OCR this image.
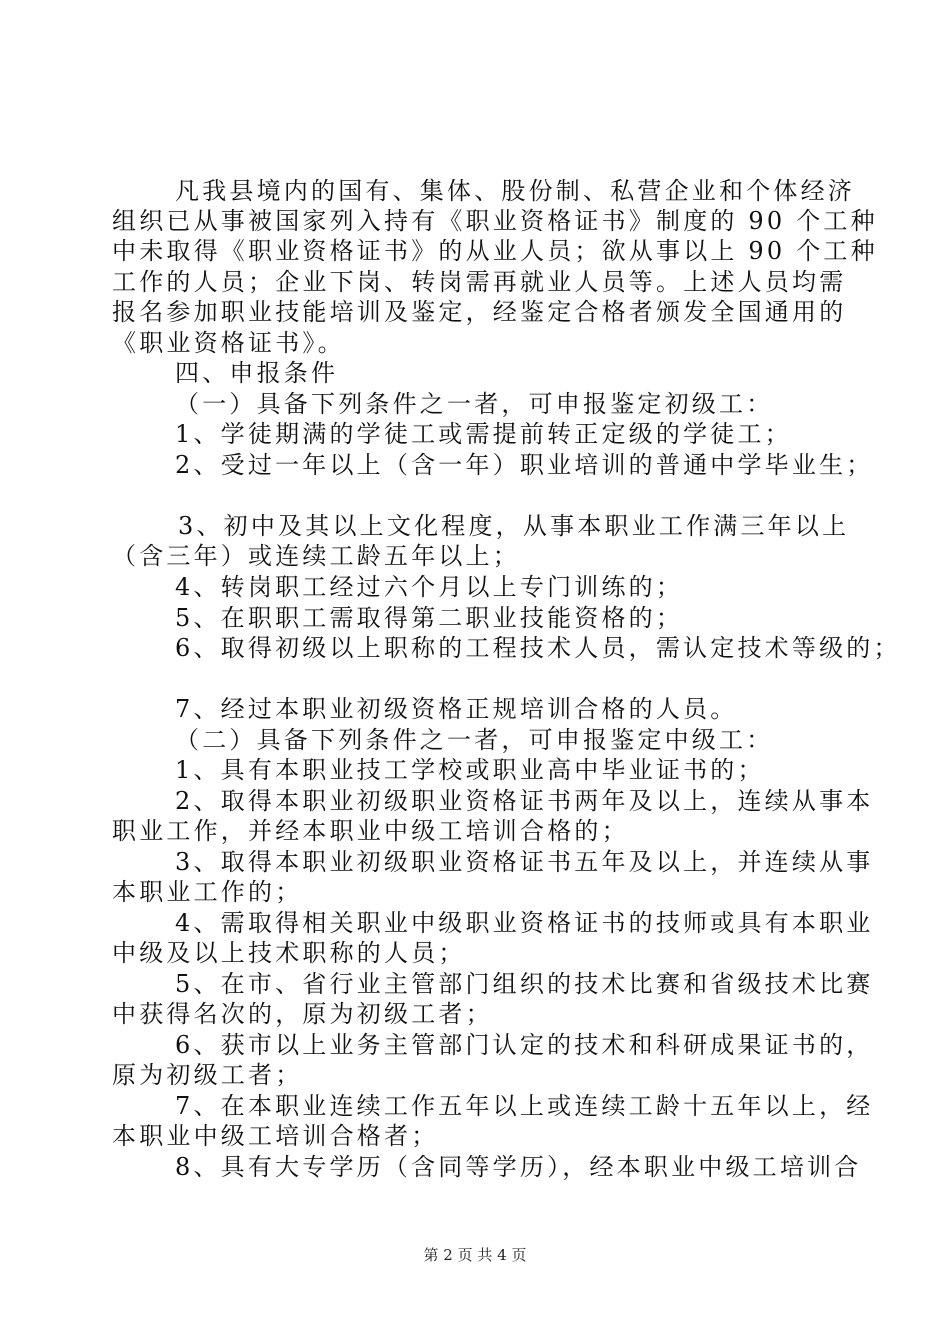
凡我县境内的国有、集体、股份制、私营企业和个体经济
组织已从事被国家列入持有《职业资格证书》制度的 90 个工种
中未取得《职业资格证书》的从业人员；欲从事以上 90 个工种
工作的人员；企业下岗、转岗需再就业人员等。上述人员均需
报名参加职业技能培训及鉴定，经鉴定合格者颁发全国通用的
《职业资格证书》。
四、申报条件
（一）具备下列条件之一者，可申报鉴定初级工：
1、学徒期满的学徒工或需提前转正定级的学徒工；
2、受过一年以上（含一年）职业培训的普通中学毕业生；
3、初中及其以上文化程度，从事本职业工作满三年以上
（含三年）或连续工龄五年以上；
4、转岗职工经过六个月以上专门训练的；
5、在职职工需取得第二职业技能资格的；
6、取得初级以上职称的工程技术人员，需认定技术等级的；
7、经过本职业初级资格正规培训合格的人员。
（二）具备下列条件之一者，可申报鉴定中级工：
1、具有本职业技工学校或职业高中毕业证书的；
2、取得本职业初级职业资格证书两年及以上，连续从事本
职业工作，并经本职业中级工培训合格的；
3、取得本职业初级职业资格证书五年及以上，并连续从事
本职业工作的；
4、需取得相关职业中级职业资格证书的技师或具有本职业
中级及以上技术职称的人员；
5、在市、省行业主管部门组织的技术比赛和省级技术比赛
中获得名次的，原为初级工者；
6、获市以上业务主管部门认定的技术和科研成果证书的，
原为初级工者；
7、在本职业连续工作五年以上或连续工龄十五年以上，经
本职业中级工培训合格者；
8、具有大专学历（含同等学历），经本职业中级工培训合
第 2 页 共 4 页
